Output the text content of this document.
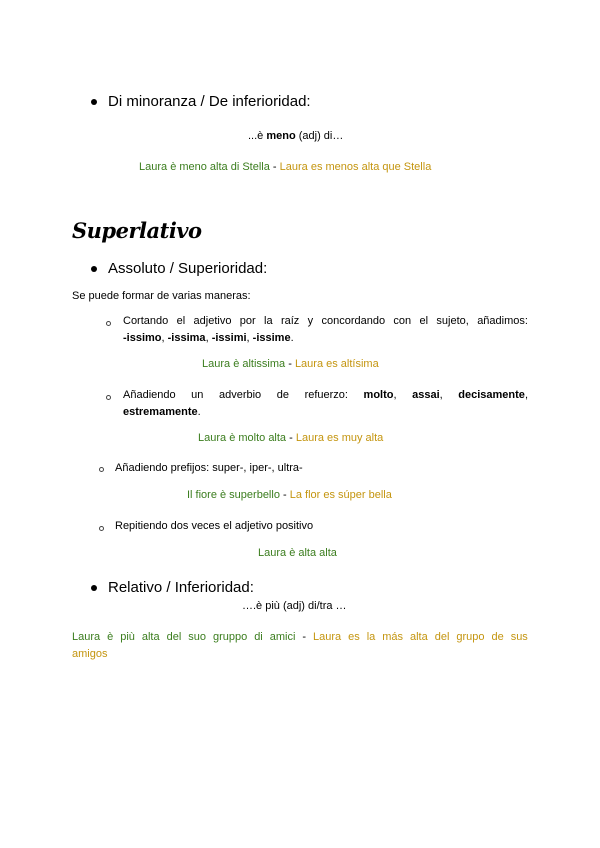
Di minoranza / De inferioridad:
...è meno (adj) di…
Laura è meno alta di Stella - Laura es menos alta que Stella
Superlativo
Assoluto / Superioridad:
Se puede formar de varias maneras:
Cortando el adjetivo por la raíz y concordando con el sujeto, añadimos:
-issimo, -issima, -issimi, -issime.
Laura è altissima - Laura es altísima
Añadiendo un adverbio de refuerzo: molto, assai, decisamente,
estremamente.
Laura è molto alta - Laura es muy alta
Añadiendo prefijos: super-, iper-, ultra-
Il fiore è superbello - La flor es súper bella
Repitiendo dos veces el adjetivo positivo
Laura è alta alta
Relativo / Inferioridad:
….è più (adj) di/tra …
Laura è più alta del suo gruppo di amici - Laura es la más alta del grupo de sus
amigos
